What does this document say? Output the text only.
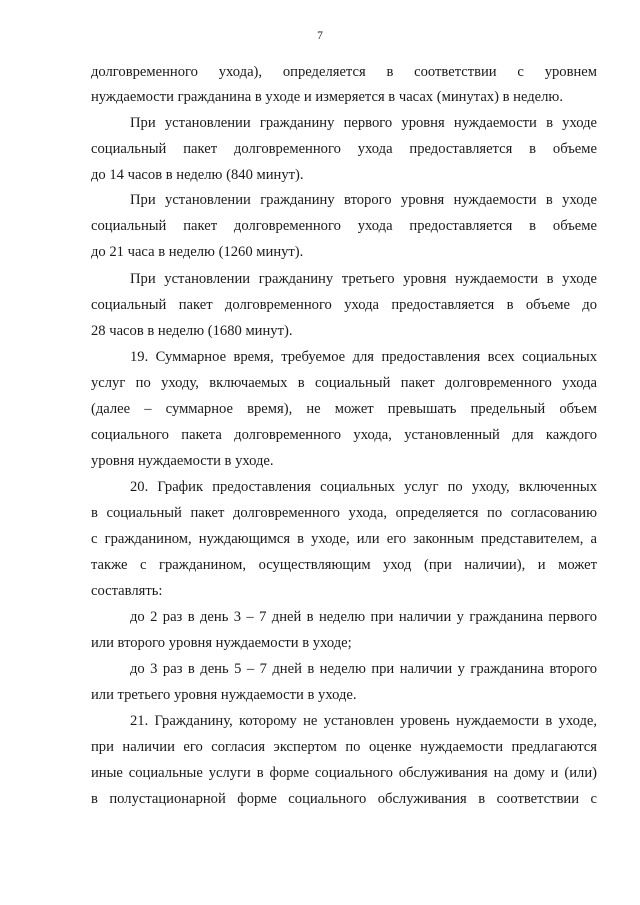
7
долговременного ухода), определяется в соответствии с уровнем
нуждаемости гражданина в уходе и измеряется в часах (минутах) в неделю.
При установлении гражданину первого уровня нуждаемости в уходе
социальный пакет долговременного ухода предоставляется в объеме
до 14 часов в неделю (840 минут).
При установлении гражданину второго уровня нуждаемости в уходе
социальный пакет долговременного ухода предоставляется в объеме
до 21 часа в неделю (1260 минут).
При установлении гражданину третьего уровня нуждаемости в уходе
социальный пакет долговременного ухода предоставляется в объеме до
28 часов в неделю (1680 минут).
19. Суммарное время, требуемое для предоставления всех социальных
услуг по уходу, включаемых в социальный пакет долговременного ухода
(далее – суммарное время), не может превышать предельный объем
социального пакета долговременного ухода, установленный для каждого
уровня нуждаемости в уходе.
20. График предоставления социальных услуг по уходу, включенных
в социальный пакет долговременного ухода, определяется по согласованию
с гражданином, нуждающимся в уходе, или его законным представителем, а
также с гражданином, осуществляющим уход (при наличии), и может
составлять:
до 2 раз в день 3 – 7 дней в неделю при наличии у гражданина первого
или второго уровня нуждаемости в уходе;
до 3 раз в день 5 – 7 дней в неделю при наличии у гражданина второго
или третьего уровня нуждаемости в уходе.
21. Гражданину, которому не установлен уровень нуждаемости в уходе,
при наличии его согласия экспертом по оценке нуждаемости предлагаются
иные социальные услуги в форме социального обслуживания на дому и (или)
в полустационарной форме социального обслуживания в соответствии с
